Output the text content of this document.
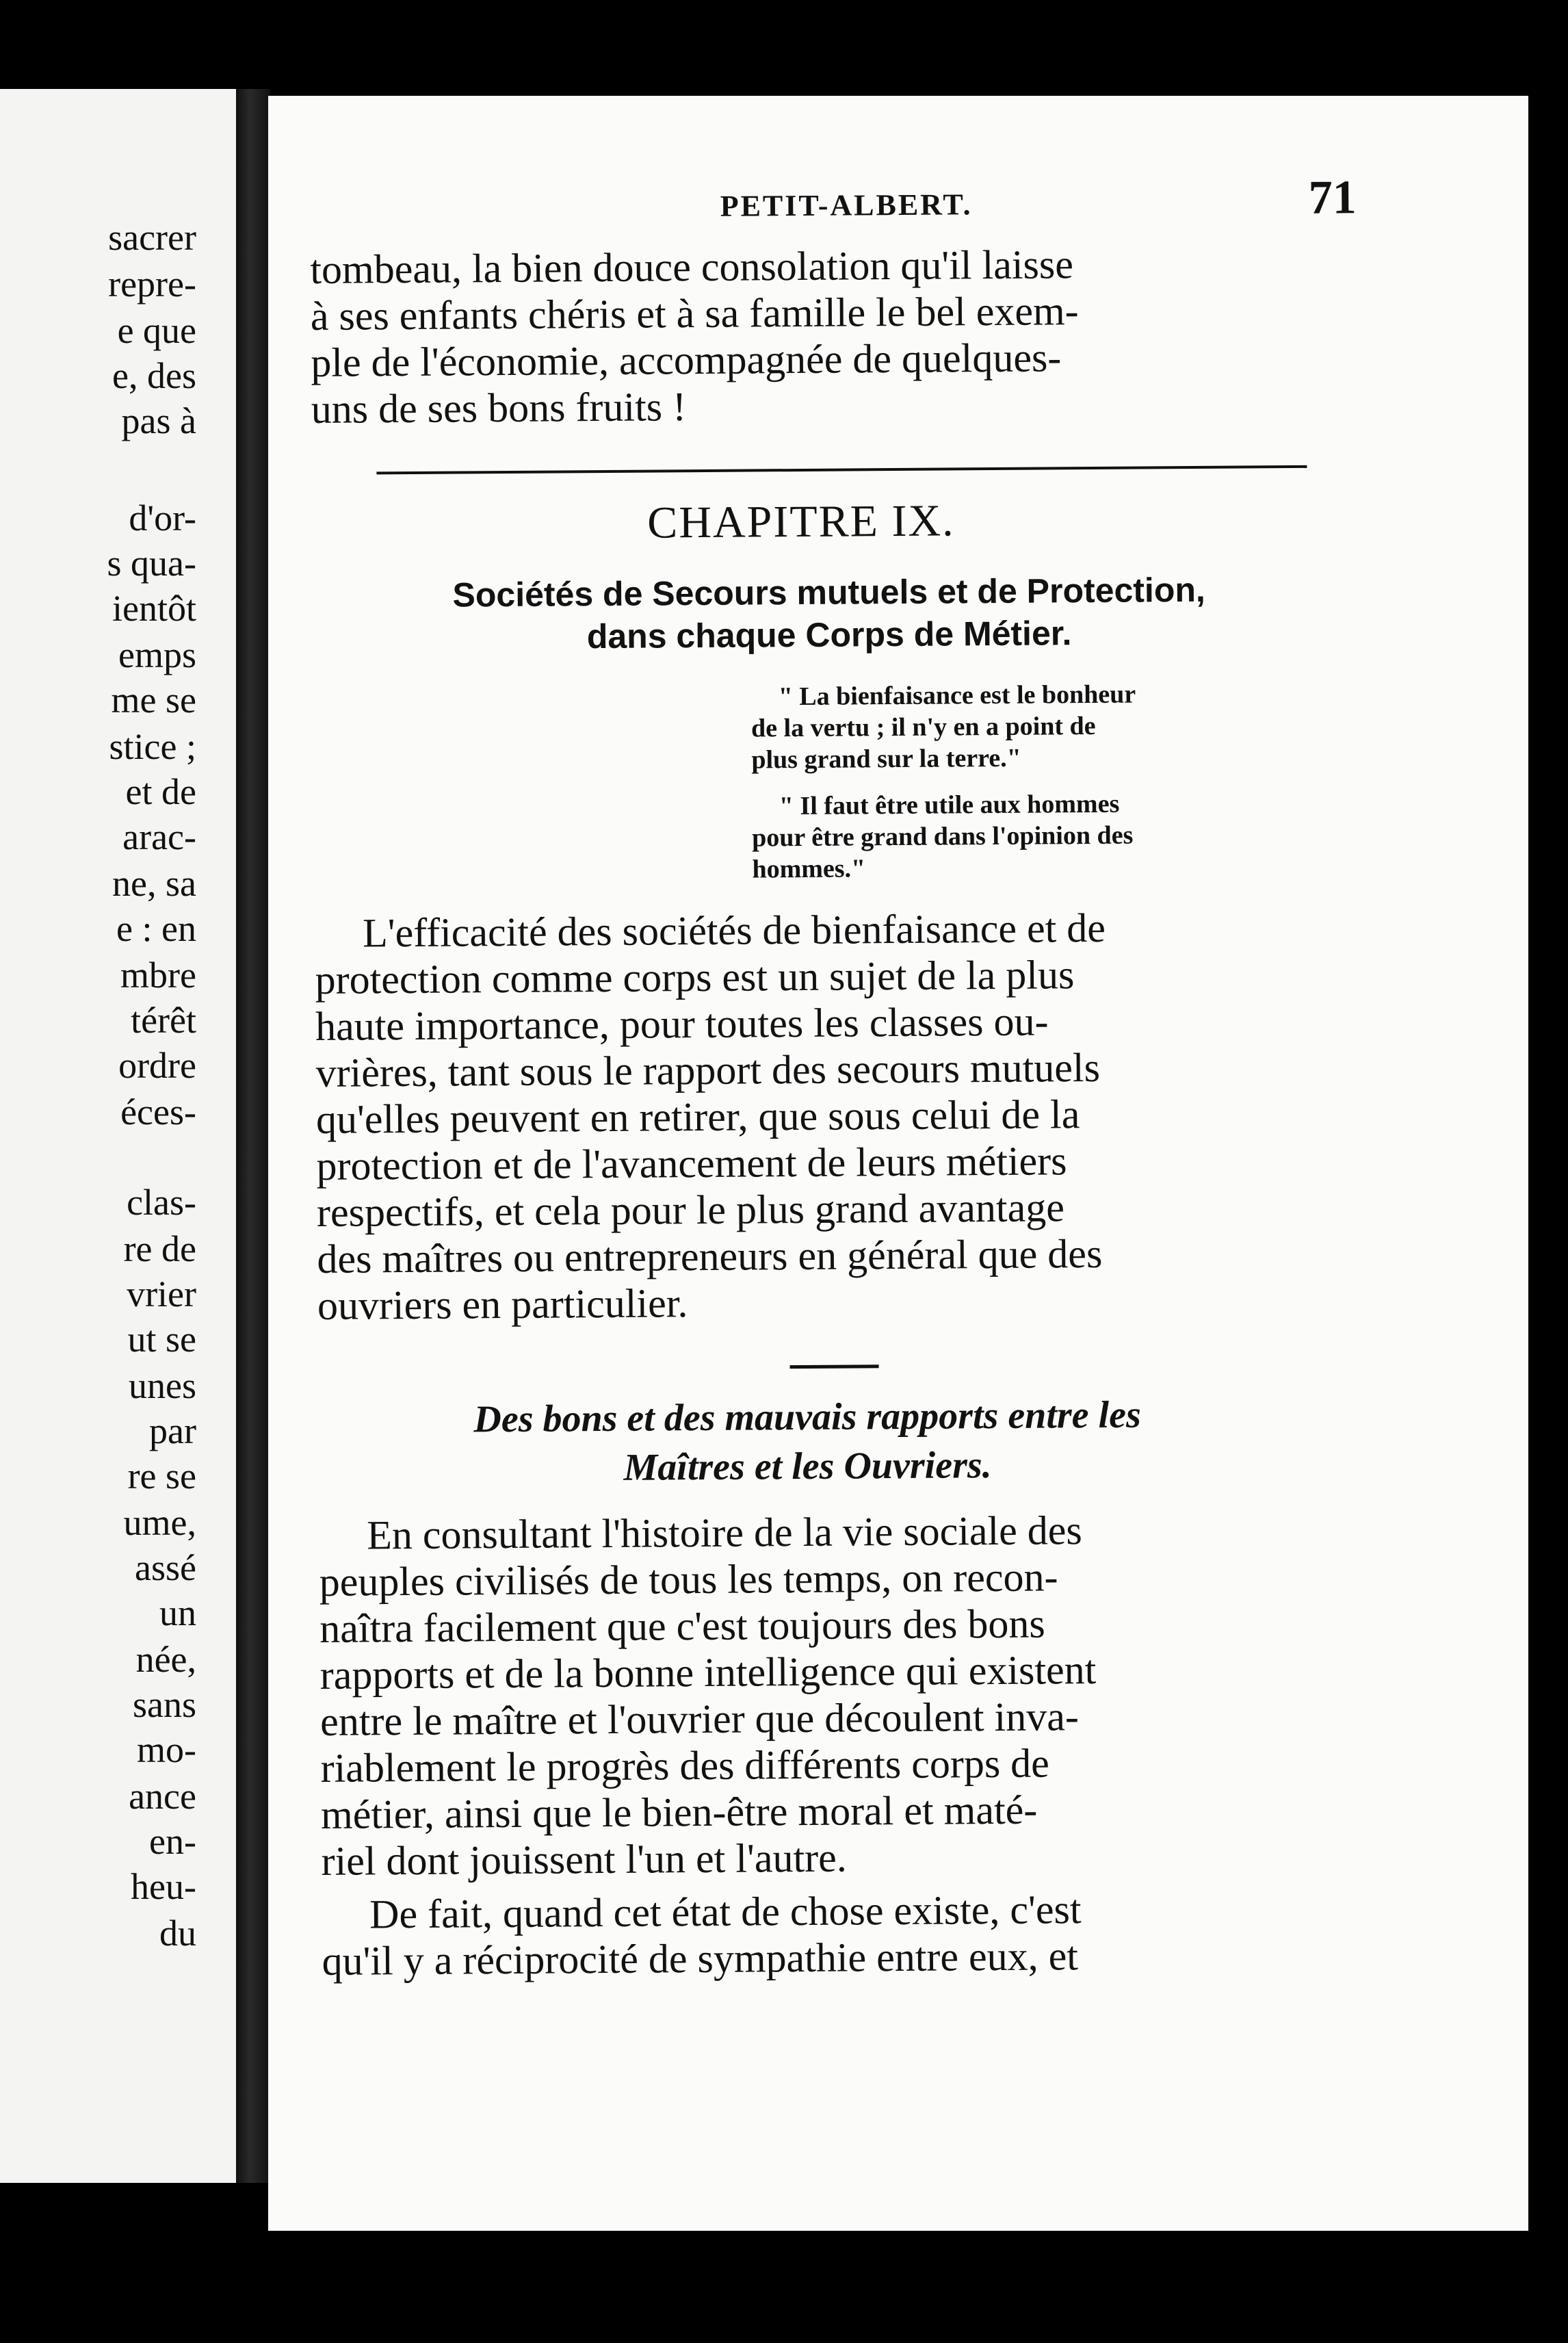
sacrer
repre-
e que
e, des
pas à
d'or-
s qua-
ientôt
emps
me se
stice ;
et de
arac-
ne, sa
e : en
mbre
térêt
ordre
éces-
clas-
re de
vrier
ut se
unes
par
re se
ume,
assé
un
née,
sans
mo-
ance
en-
heu-
du
PETIT-ALBERT.	71
tombeau, la bien douce consolation qu'il laisse
à ses enfants chéris et à sa famille le bel exem-
ple de l'économie, accompagnée de quelques-
uns de ses bons fruits !
CHAPITRE IX.
Sociétés de Secours mutuels et de Protection,
dans chaque Corps de Métier.
" La bienfaisance est le bonheur
de la vertu ; il n'y en a point de
plus grand sur la terre."
" Il faut être utile aux hommes
pour être grand dans l'opinion des
hommes."
L'efficacité des sociétés de bienfaisance et de
protection comme corps est un sujet de la plus
haute importance, pour toutes les classes ou-
vrières, tant sous le rapport des secours mutuels
qu'elles peuvent en retirer, que sous celui de la
protection et de l'avancement de leurs métiers
respectifs, et cela pour le plus grand avantage
des maîtres ou entrepreneurs en général que des
ouvriers en particulier.
Des bons et des mauvais rapports entre les
Maîtres et les Ouvriers.
En consultant l'histoire de la vie sociale des
peuples civilisés de tous les temps, on recon-
naîtra facilement que c'est toujours des bons
rapports et de la bonne intelligence qui existent
entre le maître et l'ouvrier que découlent inva-
riablement le progrès des différents corps de
métier, ainsi que le bien-être moral et maté-
riel dont jouissent l'un et l'autre.
De fait, quand cet état de chose existe, c'est
qu'il y a réciprocité de sympathie entre eux, et
